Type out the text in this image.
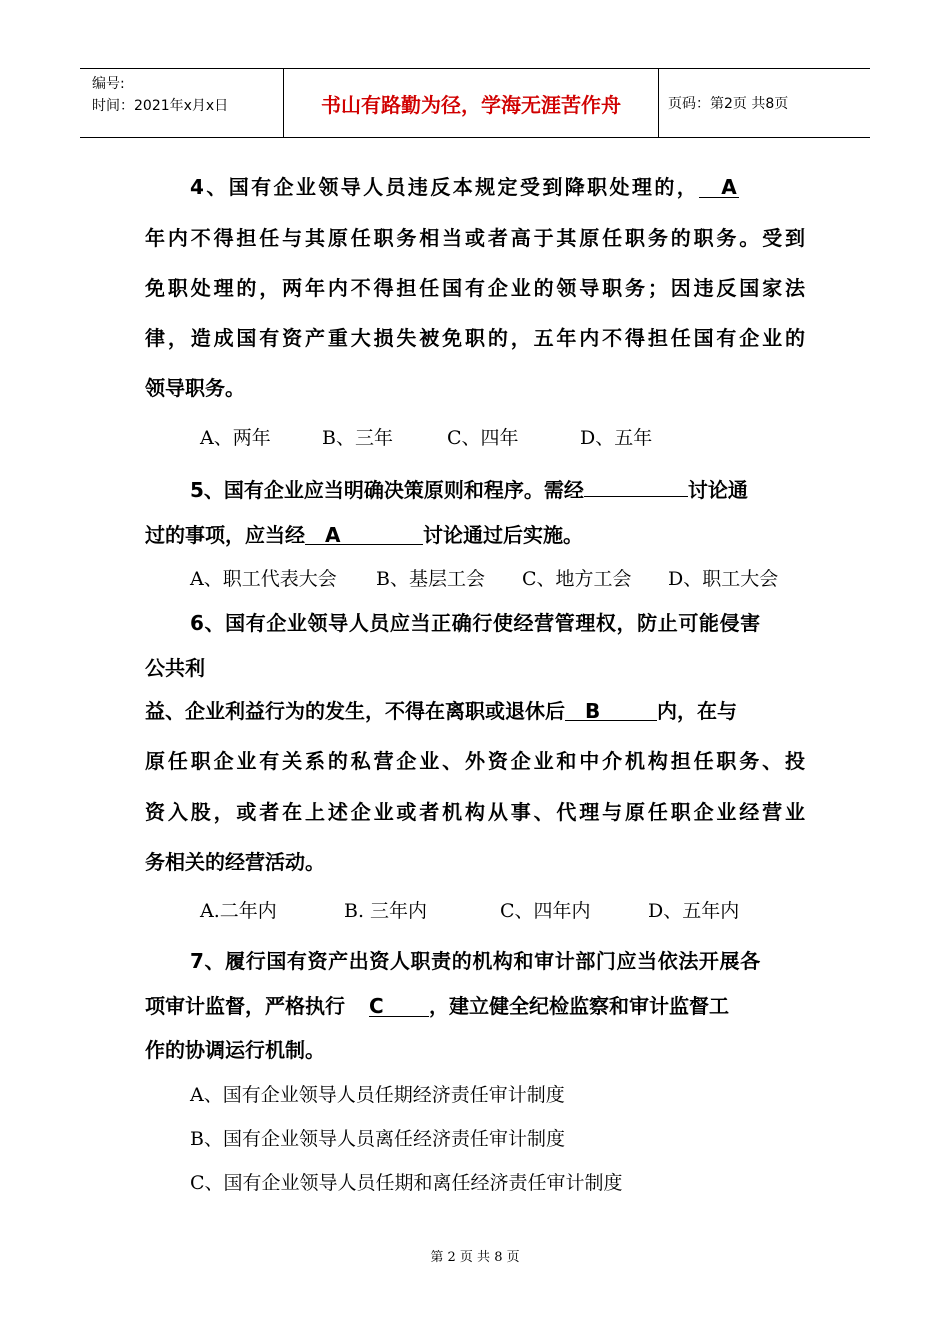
编号:
时间：2021年x月x日	书山有路勤为径，学海无涯苦作舟	页码：第2页 共8页
4、国有企业领导人员违反本规定受到降职处理的， A
年内不得担任与其原任职务相当或者高于其原任职务的职务。受到
免职处理的，两年内不得担任国有企业的领导职务；因违反国家法
律，造成国有资产重大损失被免职的，五年内不得担任国有企业的
领导职务。
A、两年	B、三年	C、四年	D、五年
5、国有企业应当明确决策原则和程序。需经	讨论通
过的事项，应当经 A	讨论通过后实施。
A、职工代表大会 B、基层工会 C、地方工会 D、职工大会
6、国有企业领导人员应当正确行使经营管理权，防止可能侵害
公共利
益、企业利益行为的发生，不得在离职或退休后 B	内，在与
原任职企业有关系的私营企业、外资企业和中介机构担任职务、投
资入股，或者在上述企业或者机构从事、代理与原任职企业经营业
务相关的经营活动。
A.二年内	B. 三年内	C、四年内	D、五年内
7、履行国有资产出资人职责的机构和审计部门应当依法开展各
项审计监督，严格执行 C ，建立健全纪检监察和审计监督工
作的协调运行机制。
A、国有企业领导人员任期经济责任审计制度
B、国有企业领导人员离任经济责任审计制度
C、国有企业领导人员任期和离任经济责任审计制度
第 2 页 共 8 页
